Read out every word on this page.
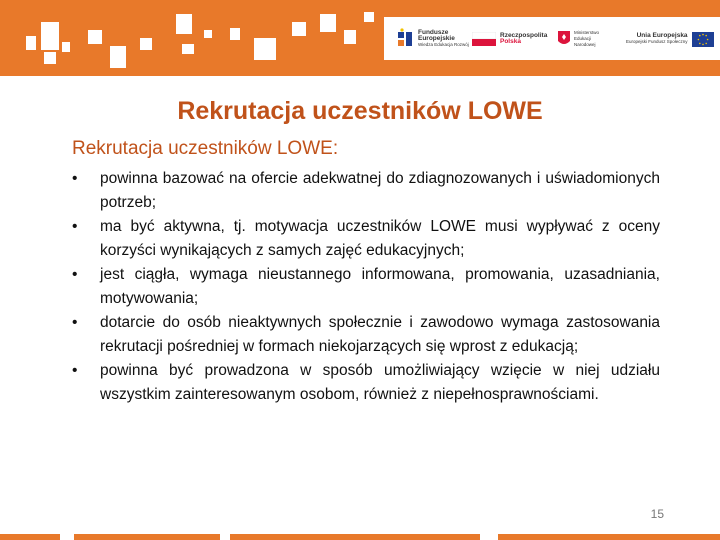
Fundusze
Europejskie
Wiedza Edukacja Rozwój
Rzeczpospolita
Polska
Ministerstwo
Edukacji
Narodowej
Unia Europejska
Europejski Fundusz Społeczny
Rekrutacja uczestników LOWE
Rekrutacja uczestników LOWE:
•	powinna bazować na ofercie adekwatnej do zdiagnozowanych i uświadomionych potrzeb;
•	ma być aktywna, tj. motywacja uczestników LOWE musi wypływać z oceny korzyści wynikających z samych zajęć edukacyjnych;
•	jest ciągła, wymaga nieustannego informowana, promowania, uzasadniania, motywowania;
•	dotarcie do osób nieaktywnych społecznie i zawodowo wymaga zastosowania rekrutacji pośredniej w formach niekojarzących się wprost z edukacją;
•	powinna być prowadzona w sposób umożliwiający wzięcie w niej udziału wszystkim zainteresowanym osobom, również z niepełnosprawnościami.
15
